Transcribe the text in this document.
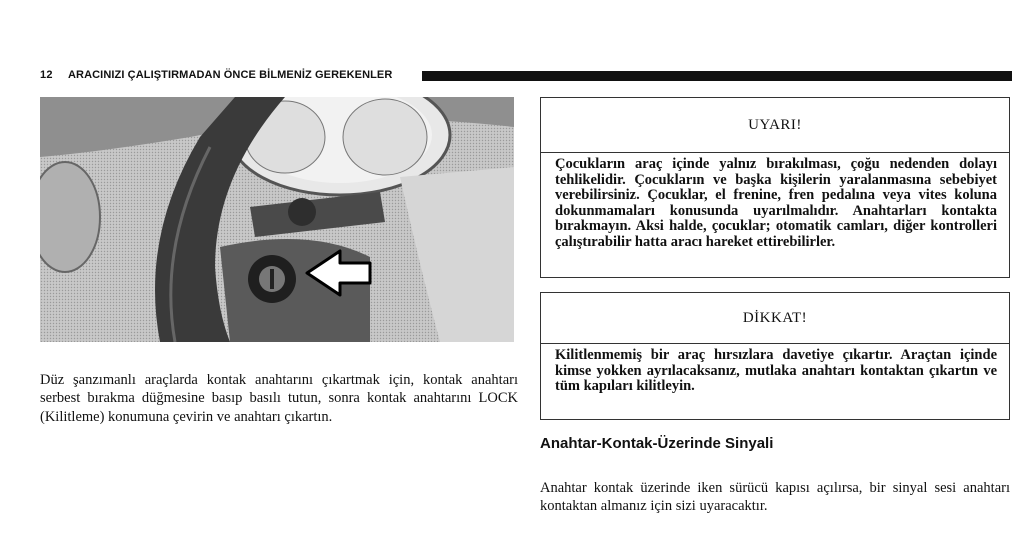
12 ARACINIZI ÇALIŞTIRMADAN ÖNCE BİLMENİZ GEREKENLER

Düz şanzımanlı araçlarda kontak anahtarını çıkartmak için, kontak anahtarı serbest bırakma düğmesine basıp basılı tutun, sonra kontak anahtarını LOCK (Kilitleme) konumuna çevirin ve anahtarı çıkartın.

UYARI!
Çocukların araç içinde yalnız bırakılması, çoğu nedenden dolayı tehlikelidir. Çocukların ve başka kişilerin yaralanmasına sebebiyet verebilirsiniz. Çocuklar, el frenine, fren pedalına veya vites koluna dokunmamaları konusunda uyarılmalıdır. Anahtarları kontakta bırakmayın. Aksi halde, çocuklar; otomatik camları, diğer kontrolleri çalıştırabilir hatta aracı hareket ettirebilirler.
DİKKAT!
Kilitlenmemiş bir araç hırsızlara davetiye çıkartır. Araçtan içinde kimse yokken ayrılacaksanız, mutlaka anahtarı kontaktan çıkartın ve tüm kapıları kilitleyin.
Anahtar-Kontak-Üzerinde Sinyali

Anahtar kontak üzerinde iken sürücü kapısı açılırsa, bir sinyal sesi anahtarı kontaktan almanız için sizi uyaracaktır.
